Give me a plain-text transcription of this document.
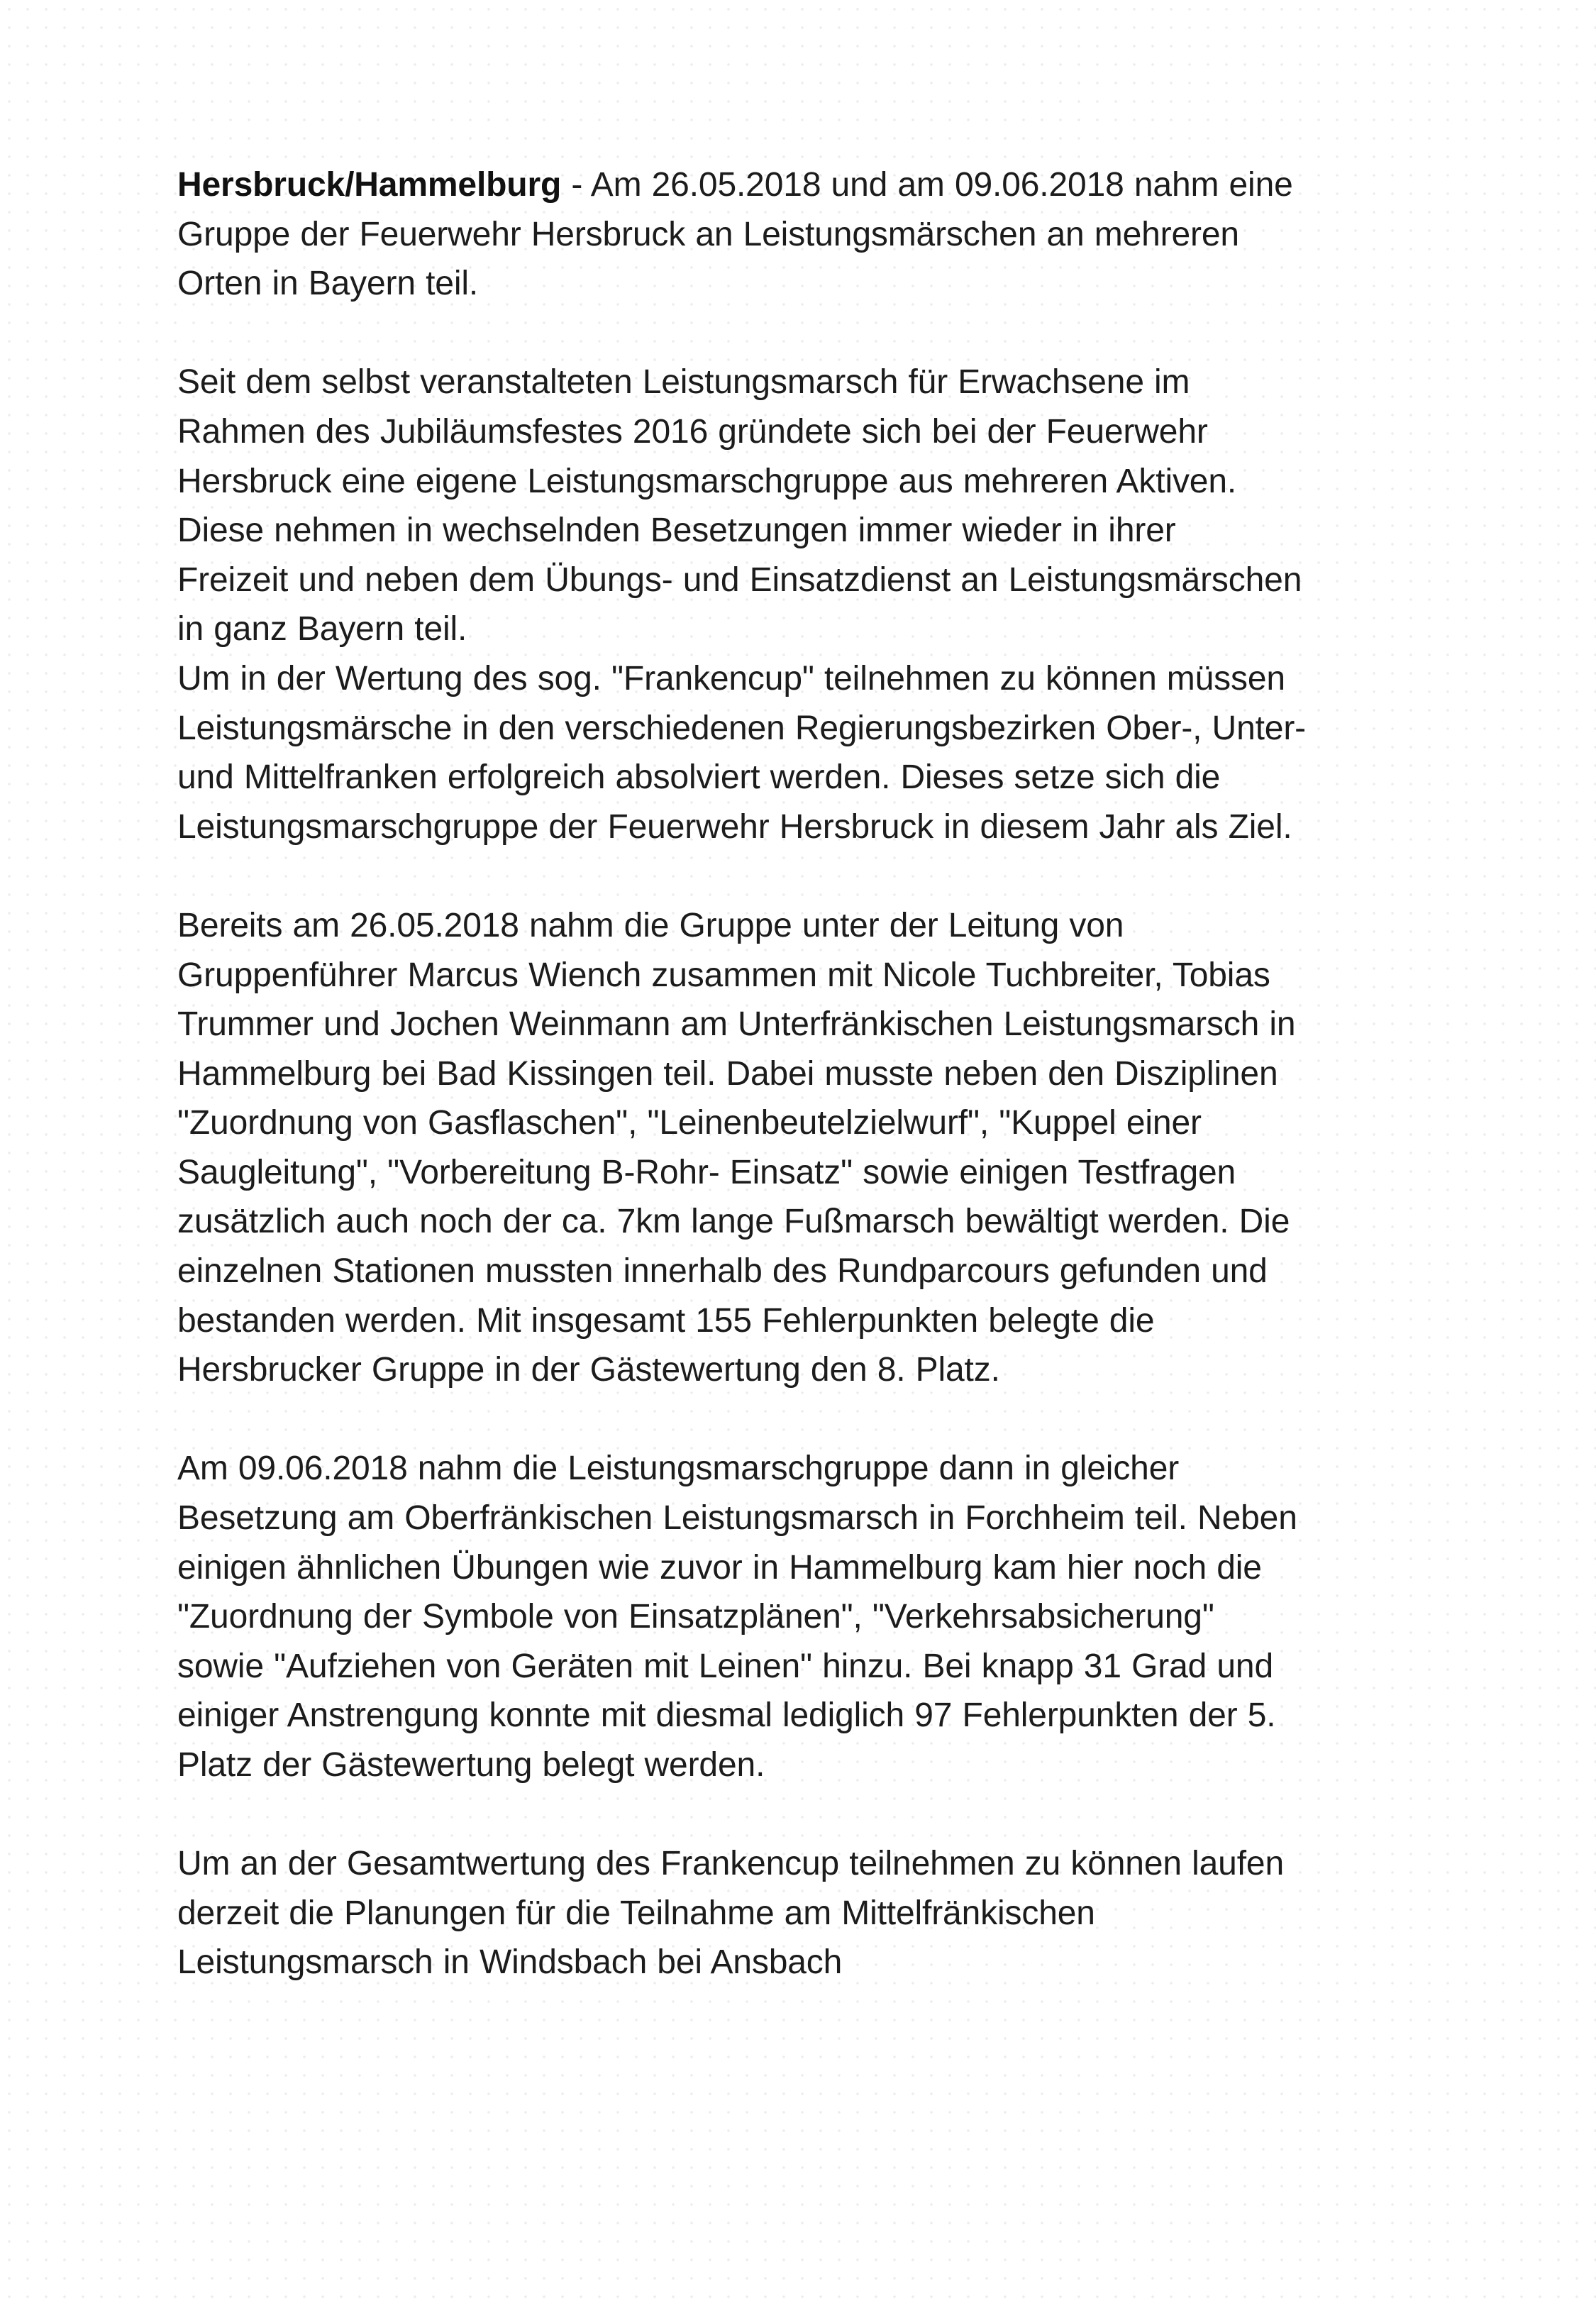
Hersbruck/Hammelburg - Am 26.05.2018 und am 09.06.2018 nahm eine
Gruppe der Feuerwehr Hersbruck an Leistungsmärschen an mehreren
Orten in Bayern teil.

Seit dem selbst veranstalteten Leistungsmarsch für Erwachsene im
Rahmen des Jubiläumsfestes 2016 gründete sich bei der Feuerwehr
Hersbruck eine eigene Leistungsmarschgruppe aus mehreren Aktiven.
Diese nehmen in wechselnden Besetzungen immer wieder in ihrer
Freizeit und neben dem Übungs- und Einsatzdienst an Leistungsmärschen
in ganz Bayern teil.

Um in der Wertung des sog. "Frankencup" teilnehmen zu können müssen
Leistungsmärsche in den verschiedenen Regierungsbezirken Ober-, Unter-
und Mittelfranken erfolgreich absolviert werden. Dieses setze sich die
Leistungsmarschgruppe der Feuerwehr Hersbruck in diesem Jahr als Ziel.

Bereits am 26.05.2018 nahm die Gruppe unter der Leitung von
Gruppenführer Marcus Wiench zusammen mit Nicole Tuchbreiter, Tobias
Trummer und Jochen Weinmann am Unterfränkischen Leistungsmarsch in
Hammelburg bei Bad Kissingen teil. Dabei musste neben den Disziplinen
"Zuordnung von Gasflaschen", "Leinenbeutelzielwurf", "Kuppel einer
Saugleitung", "Vorbereitung B-Rohr- Einsatz" sowie einigen Testfragen
zusätzlich auch noch der ca. 7km lange Fußmarsch bewältigt werden. Die
einzelnen Stationen mussten innerhalb des Rundparcours gefunden und
bestanden werden. Mit insgesamt 155 Fehlerpunkten belegte die
Hersbrucker Gruppe in der Gästewertung den 8. Platz.

Am 09.06.2018 nahm die Leistungsmarschgruppe dann in gleicher
Besetzung am Oberfränkischen Leistungsmarsch in Forchheim teil. Neben
einigen ähnlichen Übungen wie zuvor in Hammelburg kam hier noch die
"Zuordnung der Symbole von Einsatzplänen", "Verkehrsabsicherung"
sowie "Aufziehen von Geräten mit Leinen" hinzu. Bei knapp 31 Grad und
einiger Anstrengung konnte mit diesmal lediglich 97 Fehlerpunkten der 5.
Platz der Gästewertung belegt werden.

Um an der Gesamtwertung des Frankencup teilnehmen zu können laufen
derzeit die Planungen für die Teilnahme am Mittelfränkischen
Leistungsmarsch in Windsbach bei Ansbach
